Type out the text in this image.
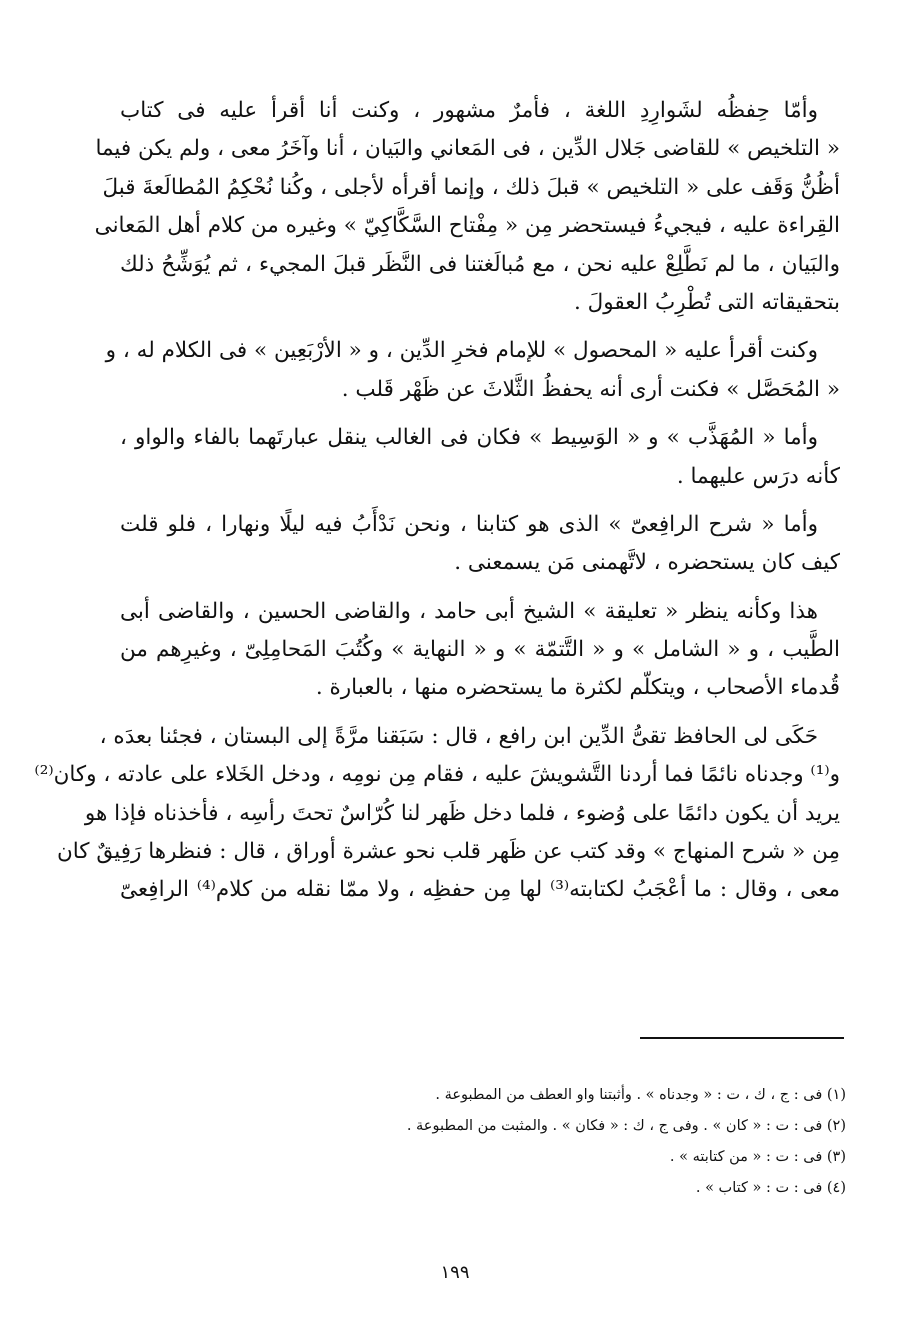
وأمّا حِفظُه لشَوارِدِ اللغة ، فأمرٌ مشهور ، وكنت أنا أقرأ عليه فى كتاب
« التلخيص » للقاضى جَلال الدِّين ، فى المَعاني والبَيان ، أنا وآخَرُ معى ، ولم يكن فيما
أظُنُّ وَقَف على « التلخيص » قبلَ ذلك ، وإنما أقرأه لأجلى ، وكُنا نُحْكِمُ المُطالَعةَ قبلَ
القِراءة عليه ، فيجيءُ فيستحضر مِن « مِفْتاح السَّكَّاكِيّ » وغيره من كلام أهل المَعانى
والبَيان ، ما لم نَطَّلِعْ عليه نحن ، مع مُبالَغتنا فى النَّظَر قبلَ المجيء ، ثم يُوَشِّحُ ذلك
بتحقيقاته التى تُطْرِبُ العقولَ .

وكنت أقرأ عليه « المحصول » للإمام فخرِ الدِّين ، و « الأرْبَعِين » فى الكلام له ، و
« المُحَصَّل » فكنت أرى أنه يحفظُ الثَّلاثَ عن ظَهْر قَلب .

وأما « المُهَذَّب » و « الوَسِيط » فكان فى الغالب ينقل عبارتَهما بالفاء والواو ،
كأنه درَس عليهما .

وأما « شرح الرافِعىّ » الذى هو كتابنا ، ونحن نَدْأَبُ فيه ليلًا ونهارا ، فلو قلت
كيف كان يستحضره ، لاتَّهمنى مَن يسمعنى .

هذا وكأنه ينظر « تعليقة » الشيخ أبى حامد ، والقاضى الحسين ، والقاضى أبى
الطَّيب ، و « الشامل » و « التَّتمّة » و « النهاية » وكُتُبَ المَحامِلِىّ ، وغيرِهم من
قُدماء الأصحاب ، ويتكلّم لكثرة ما يستحضره منها ، بالعبارة .

حَكَى لى الحافظ تقىُّ الدِّين ابن رافع ، قال : سَبَقنا مرَّةً إلى البستان ، فجئنا بعدَه ،
و⁽¹⁾ وجدناه نائمًا فما أردنا التَّشويشَ عليه ، فقام مِن نومِه ، ودخل الخَلاء على عادته ، وكان⁽²⁾
يريد أن يكون دائمًا على وُضوء ، فلما دخل ظَهر لنا كُرّاسٌ تحتَ رأسِه ، فأخذناه فإذا هو
مِن « شرح المنهاج » وقد كتب عن ظَهر قلب نحو عشرة أوراق ، قال : فنظرها رَفِيقٌ كان
معى ، وقال : ما أعْجَبُ لكتابته⁽³⁾ لها مِن حفظِه ، ولا ممّا نقله من كلام⁽⁴⁾ الرافِعىّ

(١) فى : ج ، ك ، ت : « وجدناه » . وأثبتنا واو العطف من المطبوعة .
(٢) فى : ت : « كان » . وفى ج ، ك : « فكان » . والمثبت من المطبوعة .
(٣) فى : ت : « من كتابته » .
(٤) فى : ت : « كتاب » .
١٩٩
